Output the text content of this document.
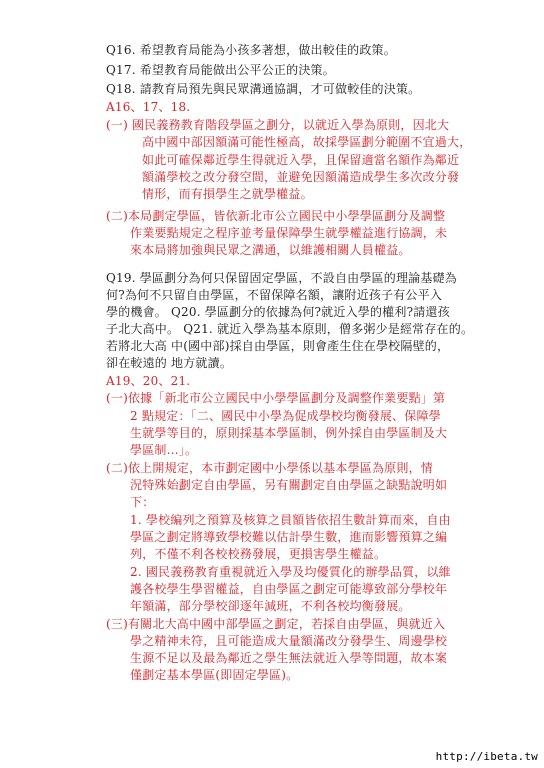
Q16. 希望教育局能為小孩多著想，做出較佳的政策。
Q17. 希望教育局能做出公平公正的決策。
Q18. 請教育局預先與民眾溝通協調，才可做較佳的決策。
A16、17、18.
(一) 國民義務教育階段學區之劃分，以就近入學為原則，因北大
高中國中部因額滿可能性極高，故採學區劃分範圍不宜過大，
如此可確保鄰近學生得就近入學，且保留適當名額作為鄰近
額滿學校之改分發空間，並避免因額滿造成學生多次改分發
情形，而有損學生之就學權益。
(二)本局劃定學區，皆依新北市公立國民中小學學區劃分及調整
作業要點規定之程序並考量保障學生就學權益進行協調，未
來本局將加強與民眾之溝通，以維護相關人員權益。
Q19. 學區劃分為何只保留固定學區，不設自由學區的理論基礎為
何?為何不只留自由學區，不留保障名額，讓附近孩子有公平入
學的機會。 Q20. 學區劃分的依據為何?就近入學的權利?請還孩
子北大高中。 Q21. 就近入學為基本原則，僧多粥少是經常存在的。
若將北大高 中(國中部)採自由學區，則會產生住在學校隔壁的，
卻在較遠的 地方就讀。
A19、20、21.
(一)依據「新北市公立國民中小學學區劃分及調整作業要點」第
2 點規定：「二、國民中小學為促成學校均衡發展、保障學
生就學等目的，原則採基本學區制，例外採自由學區制及大
學區制…」。
(二)依上開規定，本市劃定國中小學係以基本學區為原則，情
況特殊始劃定自由學區，另有關劃定自由學區之缺點說明如
下：
1. 學校編列之預算及核算之員額皆依招生數計算而來，自由
學區之劃定將導致學校難以估計學生數，進而影響預算之編
列，不僅不利各校校務發展，更損害學生權益。
2. 國民義務教育重視就近入學及均優質化的辦學品質，以維
護各校學生學習權益，自由學區之劃定可能導致部分學校年
年額滿，部分學校卻逐年減班，不利各校均衡發展。
(三)有關北大高中國中部學區之劃定，若採自由學區，與就近入
學之精神未符，且可能造成大量額滿改分發學生、周邊學校
生源不足以及最為鄰近之學生無法就近入學等問題，故本案
僅劃定基本學區(即固定學區)。
http://ibeta.tw
